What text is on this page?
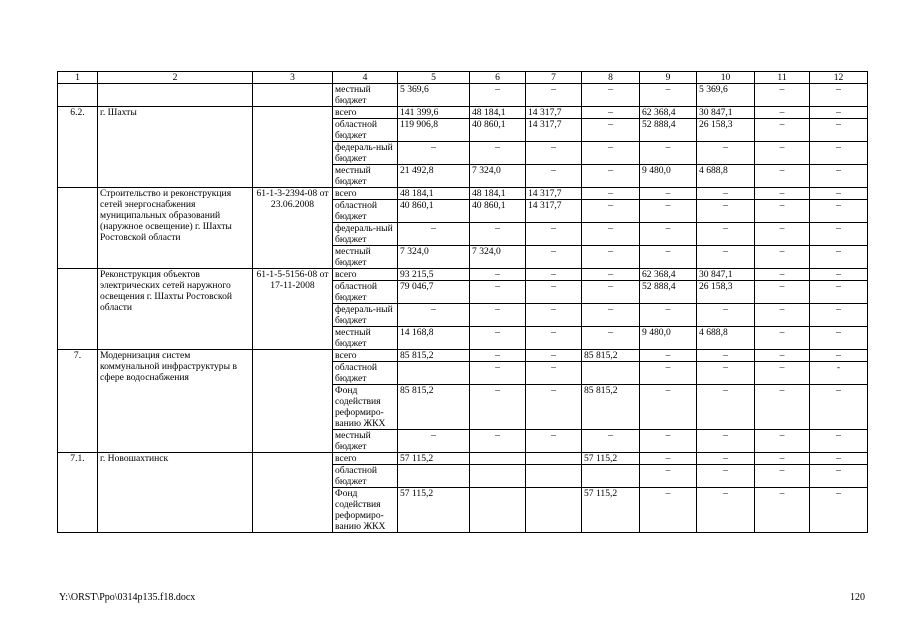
1	2	3	4	5	6	7	8	9	10	11	12
			местный бюджет	5 369,6	–	–	–	–	5 369,6	–	–
6.2.	г. Шахты		всего	141 399,6	48 184,1	14 317,7	–	62 368,4	30 847,1	–	–
			областной бюджет	119 906,8	40 860,1	14 317,7	–	52 888,4	26 158,3	–	–
			федераль-ный бюджет	–	–	–	–	–	–	–	–
			местный бюджет	21 492,8	7 324,0	–	–	9 480,0	4 688,8	–	–
	Строительство и реконструкция сетей энергоснабжения муниципальных образований (наружное освещение) г. Шахты Ростовской области	61-1-3-2394-08 от 23.06.2008	всего	48 184,1	48 184,1	14 317,7	–	–	–	–	–
			областной бюджет	40 860,1	40 860,1	14 317,7	–	–	–	–	–
			федераль-ный бюджет	–	–	–	–	–	–	–	–
			местный бюджет	7 324,0	7 324,0	–	–	–	–	–	–
	Реконструкция объектов электрических сетей наружного освещения г. Шахты Ростовской области	61-1-5-5156-08 от 17-11-2008	всего	93 215,5	–	–	–	62 368,4	30 847,1	–	–
			областной бюджет	79 046,7	–	–	–	52 888,4	26 158,3	–	–
			федераль-ный бюджет	–	–	–	–	–	–	–	–
			местный бюджет	14 168,8	–	–	–	9 480,0	4 688,8	–	–
7.	Модернизация систем коммунальной инфраструктуры в сфере водоснабжения		всего	85 815,2	–	–	85 815,2	–	–	–	–
			областной бюджет		–	–		–	–	–	-
			Фонд содействия реформиро-ванию ЖКХ	85 815,2	–	–	85 815,2	–	–	–	–
			местный бюджет	–	–	–	–	–	–	–	–
7.1.	г. Новошахтинск		всего	57 115,2			57 115,2	–	–	–	–
			областной бюджет					–	–	–	–
			Фонд содействия реформиро-ванию ЖКХ	57 115,2			57 115,2	–	–	–	–
Y:\ORST\Ppo\0314p135.f18.docx	120
